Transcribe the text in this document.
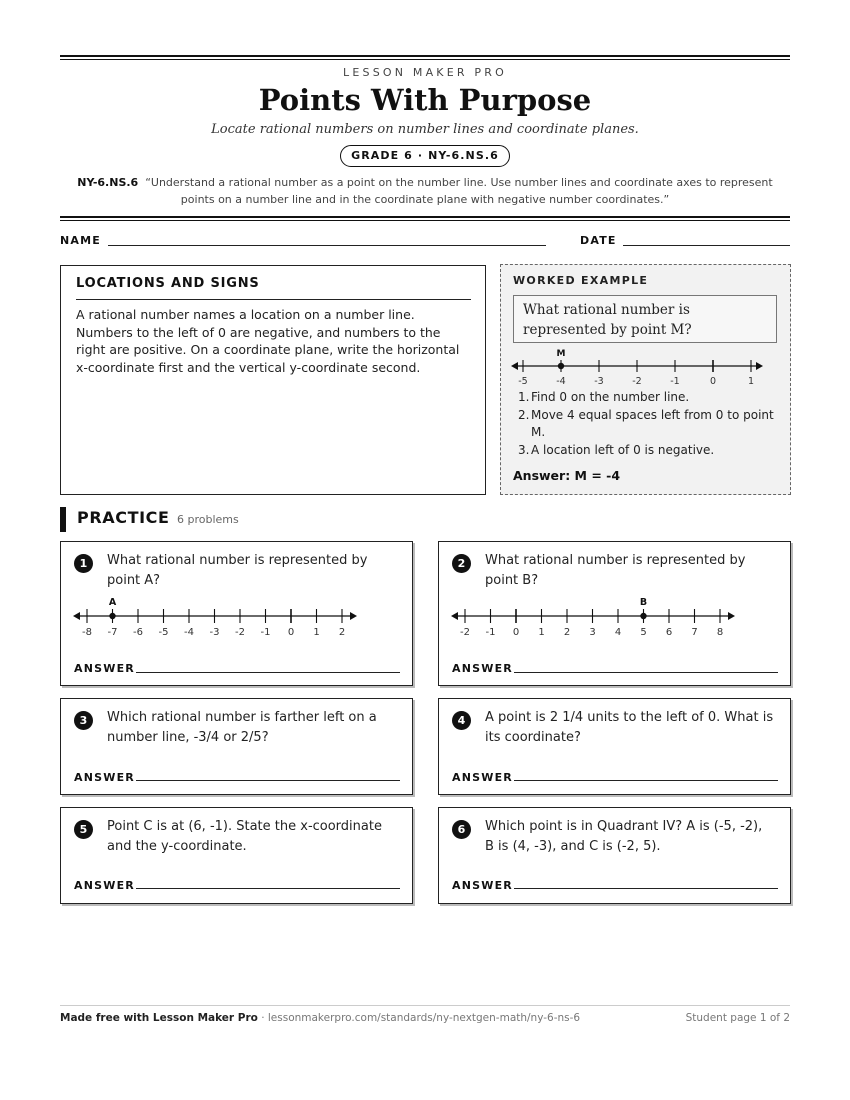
LESSON MAKER PRO
Points With Purpose
Locate rational numbers on number lines and coordinate planes.
GRADE 6 · NY-6.NS.6
NY-6.NS.6 “Understand a rational number as a point on the number line. Use number lines and coordinate axes to represent points on a number line and in the coordinate plane with negative number coordinates.”
NAME	DATE
LOCATIONS AND SIGNS
A rational number names a location on a number line. Numbers to the left of 0 are negative, and numbers to the right are positive. On a coordinate plane, write the horizontal x-coordinate first and the vertical y-coordinate second.
WORKED EXAMPLE
What rational number is represented by point M?
-5	-4	-3	-2	-1	0	1
M
1. Find 0 on the number line.
2. Move 4 equal spaces left from 0 to point M.
3. A location left of 0 is negative.
Answer: M = -4
PRACTICE 6 problems
1	What rational number is represented by point A?
-8 -7 -6 -5 -4 -3 -2 -1 0 1 2
A
ANSWER
2	What rational number is represented by point B?
-2 -1 0 1 2 3 4 5 6 7 8
B
ANSWER
3	Which rational number is farther left on a number line, -3/4 or 2/5?
ANSWER
4	A point is 2 1/4 units to the left of 0. What is its coordinate?
ANSWER
5	Point C is at (6, -1). State the x-coordinate and the y-coordinate.
ANSWER
6	Which point is in Quadrant IV? A is (-5, -2), B is (4, -3), and C is (-2, 5).
ANSWER
Made free with Lesson Maker Pro · lessonmakerpro.com/standards/ny-nextgen-math/ny-6-ns-6	Student page 1 of 2
